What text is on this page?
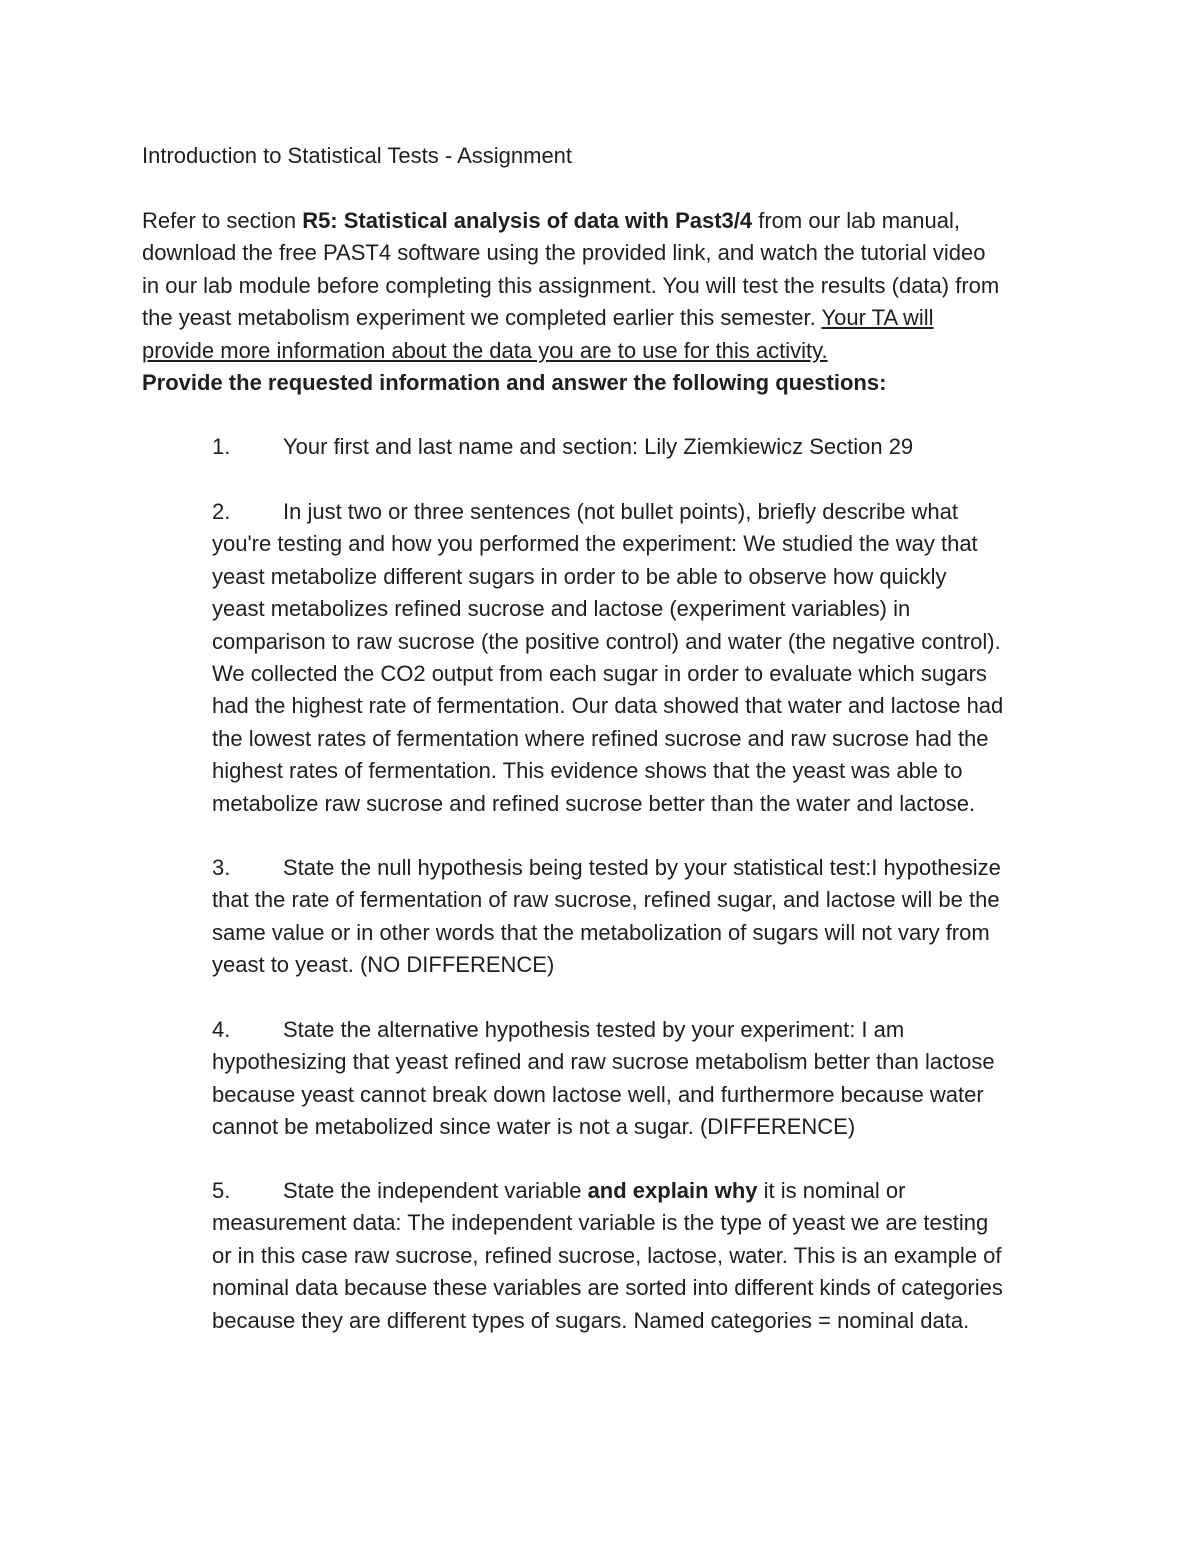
Introduction to Statistical Tests - Assignment

Refer to section R5: Statistical analysis of data with Past3/4 from our lab manual,
download the free PAST4 software using the provided link, and watch the tutorial video
in our lab module before completing this assignment. You will test the results (data) from
the yeast metabolism experiment we completed earlier this semester. Your TA will
provide more information about the data you are to use for this activity.

Provide the requested information and answer the following questions:

1. Your first and last name and section: Lily Ziemkiewicz Section 29
2. In just two or three sentences (not bullet points), briefly describe what
you're testing and how you performed the experiment: We studied the way that
yeast metabolize different sugars in order to be able to observe how quickly
yeast metabolizes refined sucrose and lactose (experiment variables) in
comparison to raw sucrose (the positive control) and water (the negative control).
We collected the CO2 output from each sugar in order to evaluate which sugars
had the highest rate of fermentation. Our data showed that water and lactose had
the lowest rates of fermentation where refined sucrose and raw sucrose had the
highest rates of fermentation. This evidence shows that the yeast was able to
metabolize raw sucrose and refined sucrose better than the water and lactose.
3. State the null hypothesis being tested by your statistical test:I hypothesize
that the rate of fermentation of raw sucrose, refined sugar, and lactose will be the
same value or in other words that the metabolization of sugars will not vary from
yeast to yeast. (NO DIFFERENCE)
4. State the alternative hypothesis tested by your experiment: I am
hypothesizing that yeast refined and raw sucrose metabolism better than lactose
because yeast cannot break down lactose well, and furthermore because water
cannot be metabolized since water is not a sugar. (DIFFERENCE)
5. State the independent variable and explain why it is nominal or
measurement data: The independent variable is the type of yeast we are testing
or in this case raw sucrose, refined sucrose, lactose, water. This is an example of
nominal data because these variables are sorted into different kinds of categories
because they are different types of sugars. Named categories = nominal data.
